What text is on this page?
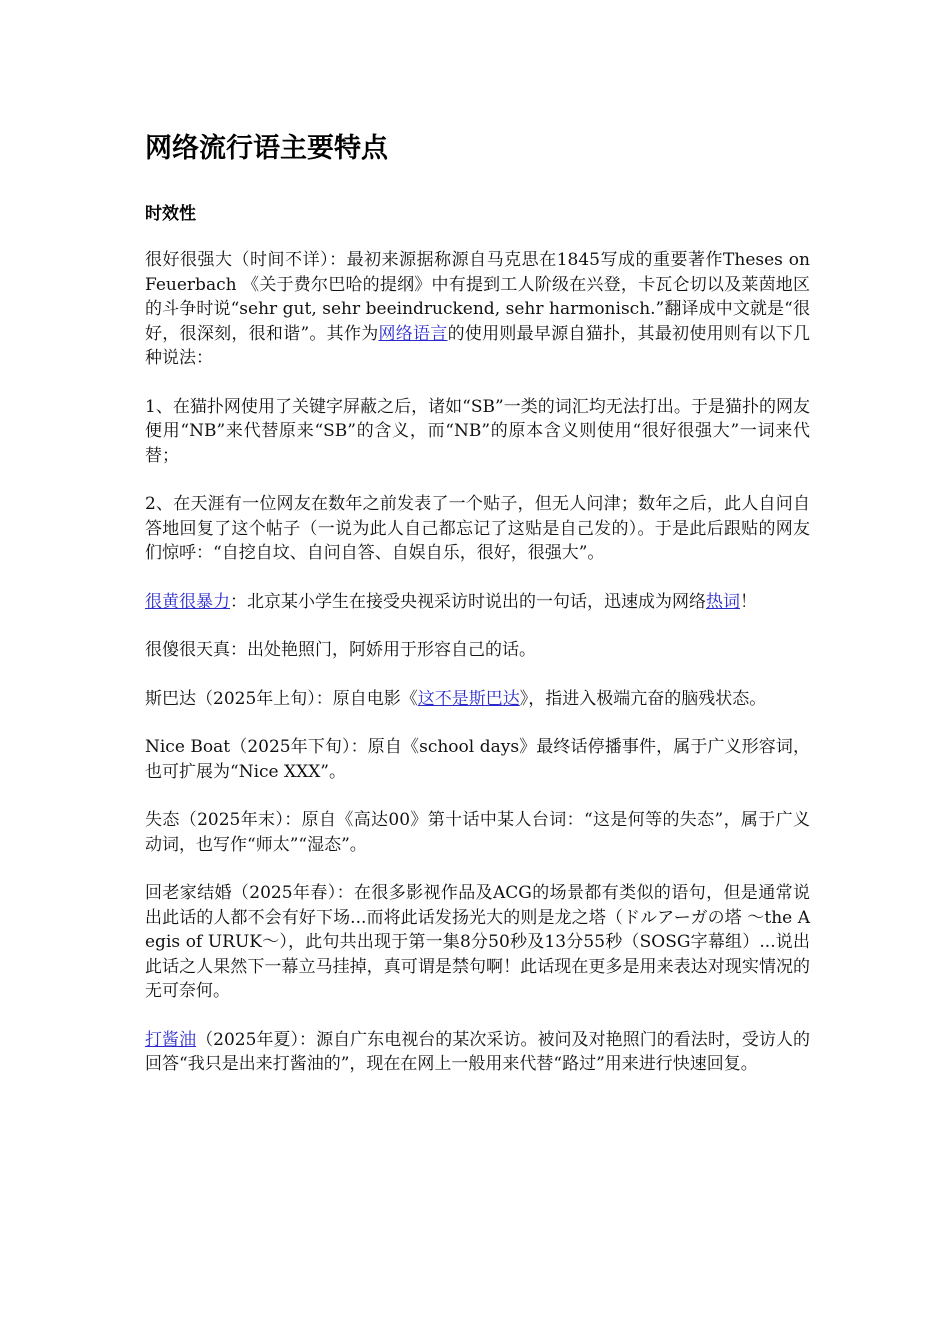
网络流行语主要特点
时效性

很好很强大（时间不详）：最初来源据称源自马克思在1845写成的重要著作Theses on Feuerbach 《关于费尔巴哈的提纲》中有提到工人阶级在兴登，卡瓦仑切以及莱茵地区的斗争时说“sehr gut, sehr beeindruckend, sehr harmonisch.”翻译成中文就是“很好，很深刻，很和谐”。其作为网络语言的使用则最早源自猫扑，其最初使用则有以下几种说法：

1、在猫扑网使用了关键字屏蔽之后，诸如“SB”一类的词汇均无法打出。于是猫扑的网友便用“NB”来代替原来“SB”的含义，而“NB”的原本含义则使用“很好很强大”一词来代替；

2、在天涯有一位网友在数年之前发表了一个贴子，但无人问津；数年之后，此人自问自答地回复了这个帖子（一说为此人自己都忘记了这贴是自己发的）。于是此后跟贴的网友们惊呼：“自挖自坟、自问自答、自娱自乐，很好，很强大”。

很黄很暴力：北京某小学生在接受央视采访时说出的一句话，迅速成为网络热词！

很傻很天真：出处艳照门，阿娇用于形容自己的话。

斯巴达（2025年上旬）：原自电影《这不是斯巴达》，指进入极端亢奋的脑残状态。

Nice Boat（2025年下旬）：原自《school days》最终话停播事件，属于广义形容词，也可扩展为“Nice XXX”。

失态（2025年末）：原自《高达00》第十话中某人台词：“这是何等的失态”，属于广义动词，也写作“师太”“湿态”。

回老家结婚（2025年春）：在很多影视作品及ACG的场景都有类似的语句，但是通常说出此话的人都不会有好下场...而将此话发扬光大的则是龙之塔（ドルアーガの塔 ～the Aegis of URUK～），此句共出现于第一集8分50秒及13分55秒（SOSG字幕组）...说出此话之人果然下一幕立马挂掉，真可谓是禁句啊！此话现在更多是用来表达对现实情况的无可奈何。

打酱油（2025年夏）：源自广东电视台的某次采访。被问及对艳照门的看法时，受访人的回答“我只是出来打酱油的”，现在在网上一般用来代替“路过”用来进行快速回复。
